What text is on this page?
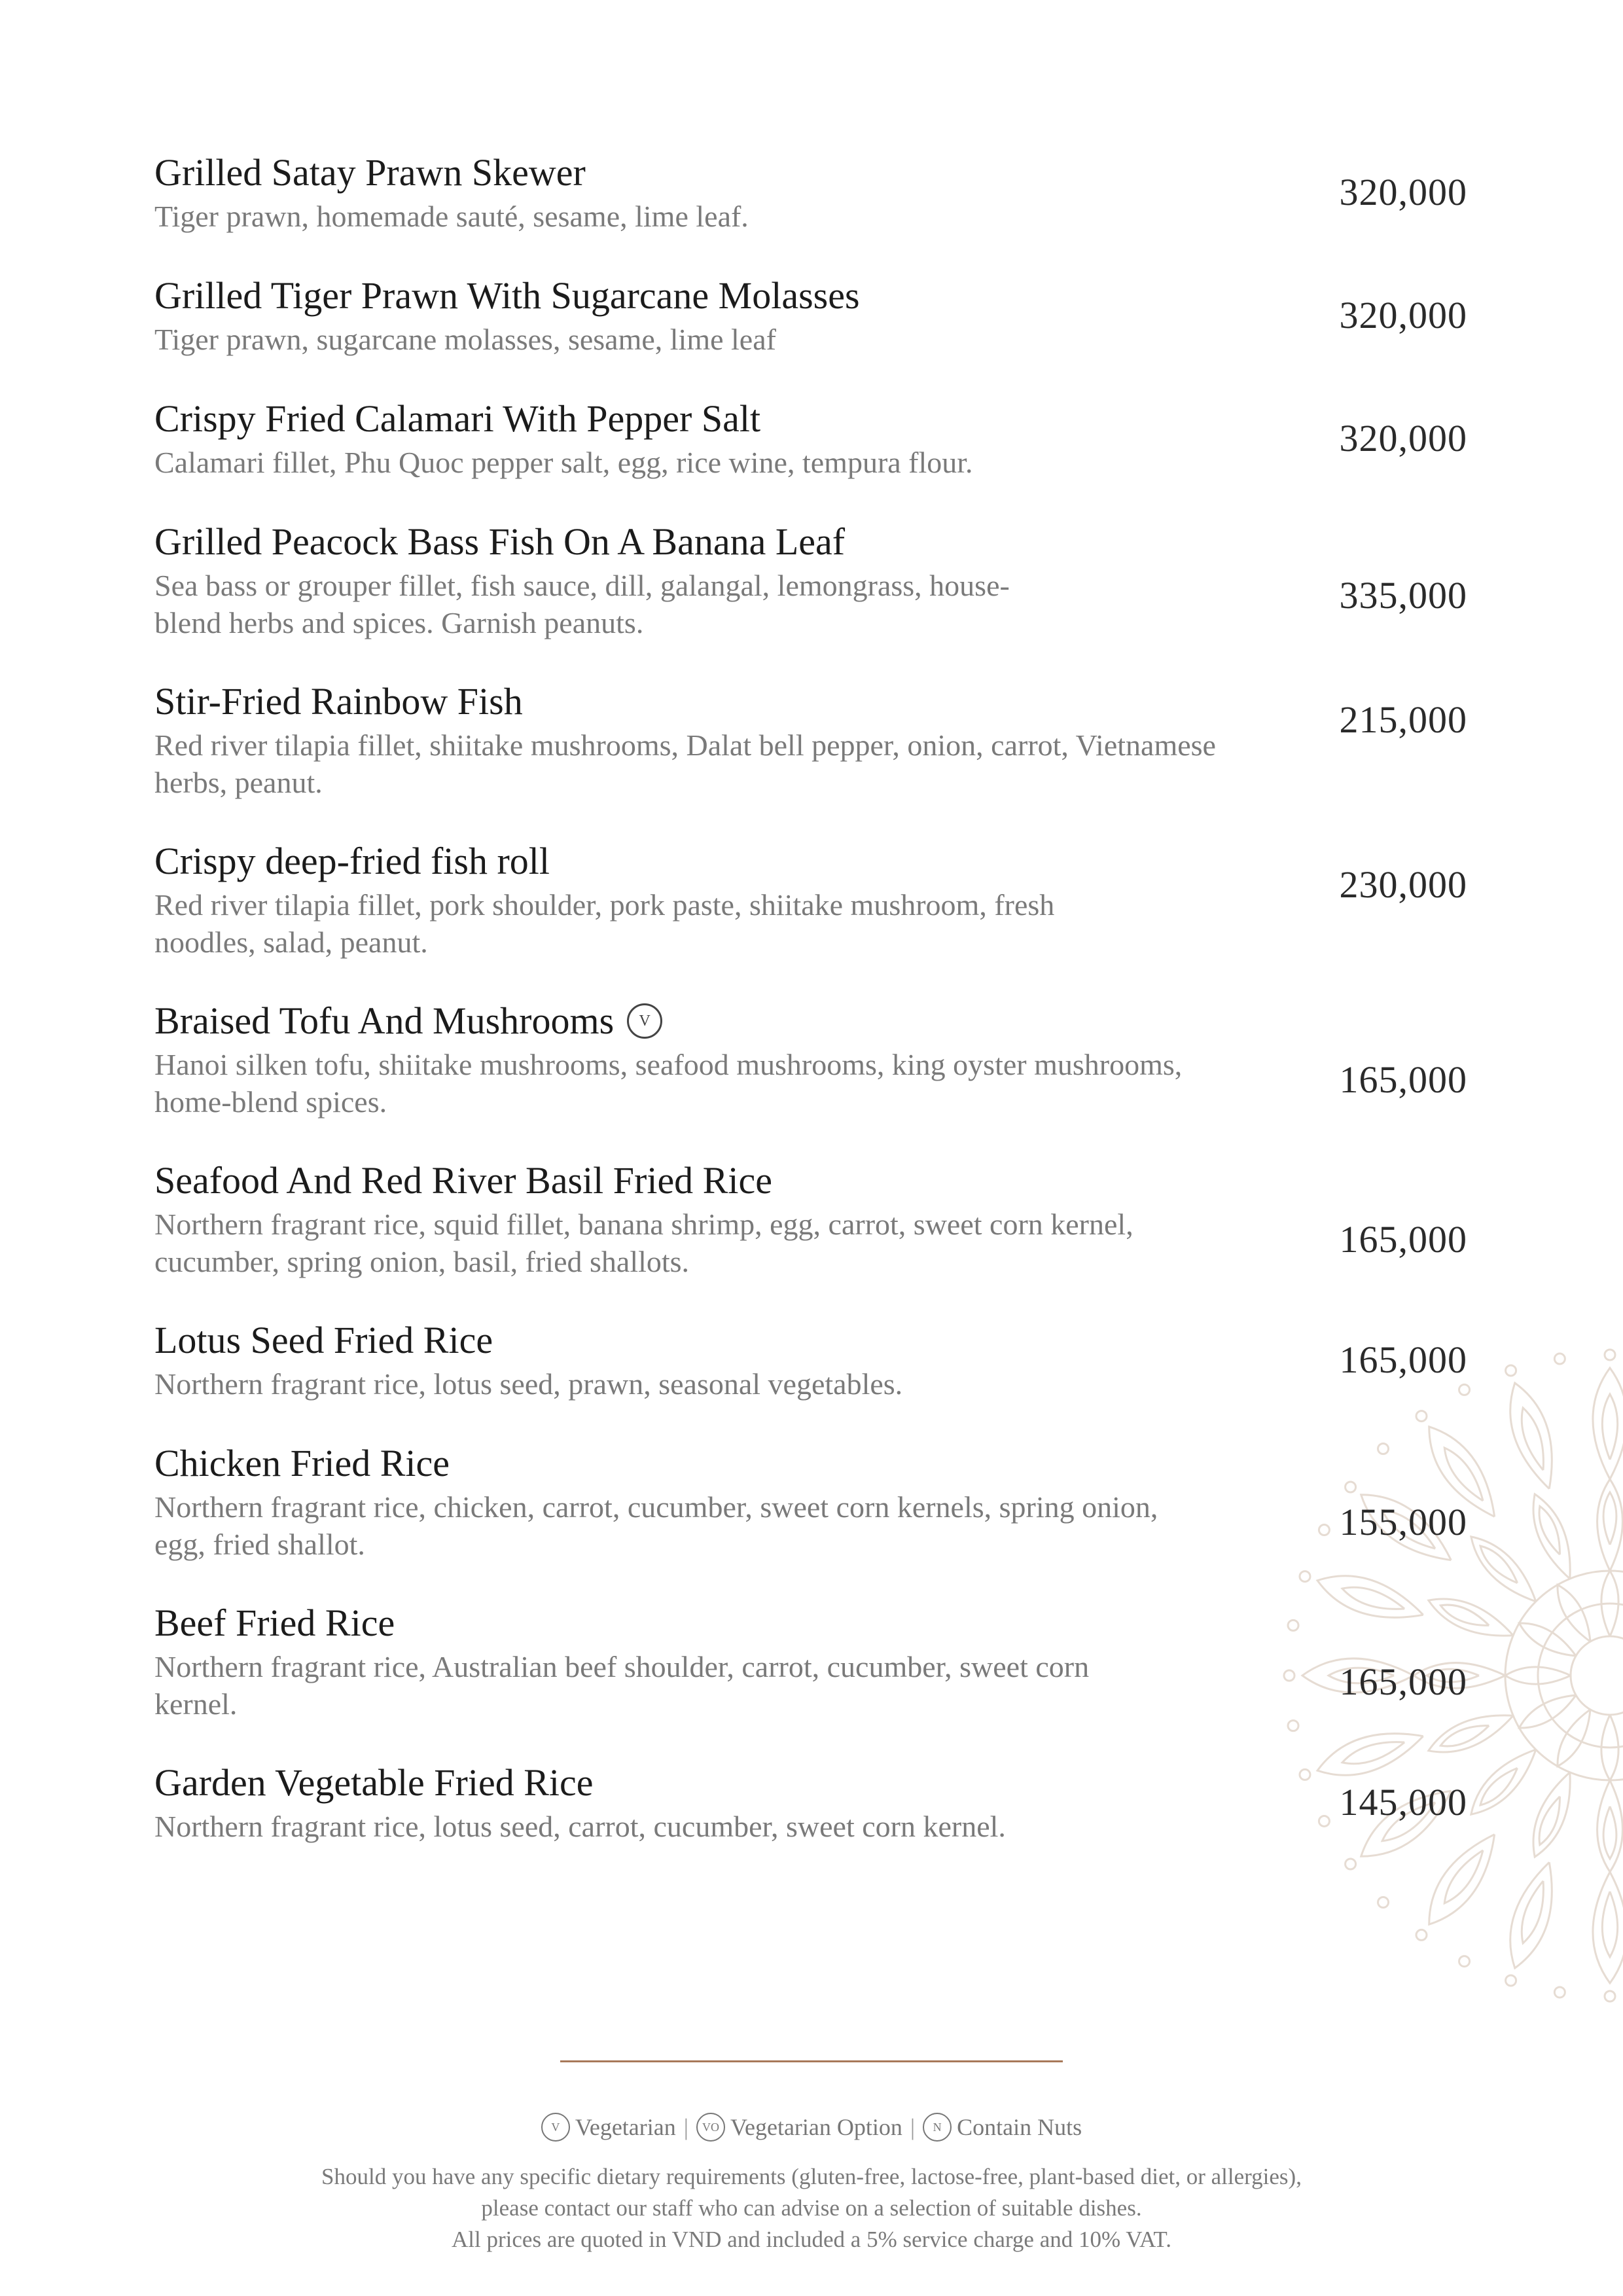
Grilled Satay Prawn Skewer
Tiger prawn, homemade sauté, sesame, lime leaf.
320,000
Grilled Tiger Prawn With Sugarcane Molasses
Tiger prawn, sugarcane molasses, sesame, lime leaf
320,000
Crispy Fried Calamari With Pepper Salt
Calamari fillet, Phu Quoc pepper salt, egg, rice wine, tempura flour.
320,000
Grilled Peacock Bass Fish On A Banana Leaf
Sea bass or grouper fillet, fish sauce, dill, galangal, lemongrass, house-blend herbs and spices. Garnish peanuts.
335,000
Stir-Fried Rainbow Fish
Red river tilapia fillet, shiitake mushrooms, Dalat bell pepper, onion, carrot, Vietnamese herbs, peanut.
215,000
Crispy deep-fried fish roll
Red river tilapia fillet, pork shoulder, pork paste, shiitake mushroom, fresh noodles, salad, peanut.
230,000
Braised Tofu And Mushrooms	V
Hanoi silken tofu, shiitake mushrooms, seafood mushrooms, king oyster mushrooms, home-blend spices.
165,000
Seafood And Red River Basil Fried Rice
Northern fragrant rice, squid fillet, banana shrimp, egg, carrot, sweet corn kernel, cucumber, spring onion, basil, fried shallots.
165,000
Lotus Seed Fried Rice
Northern fragrant rice, lotus seed, prawn, seasonal vegetables.
165,000
Chicken Fried Rice
Northern fragrant rice, chicken, carrot, cucumber, sweet corn kernels, spring onion, egg, fried shallot.
155,000
Beef Fried Rice
Northern fragrant rice, Australian beef shoulder, carrot, cucumber, sweet corn kernel.
165,000
Garden Vegetable Fried Rice
Northern fragrant rice, lotus seed, carrot, cucumber, sweet corn kernel.
145,000
V Vegetarian |	VO Vegetarian Option |	N Contain Nuts
Should you have any specific dietary requirements (gluten-free, lactose-free, plant-based diet, or allergies),
please contact our staff who can advise on a selection of suitable dishes.
All prices are quoted in VND and included a 5% service charge and 10% VAT.
